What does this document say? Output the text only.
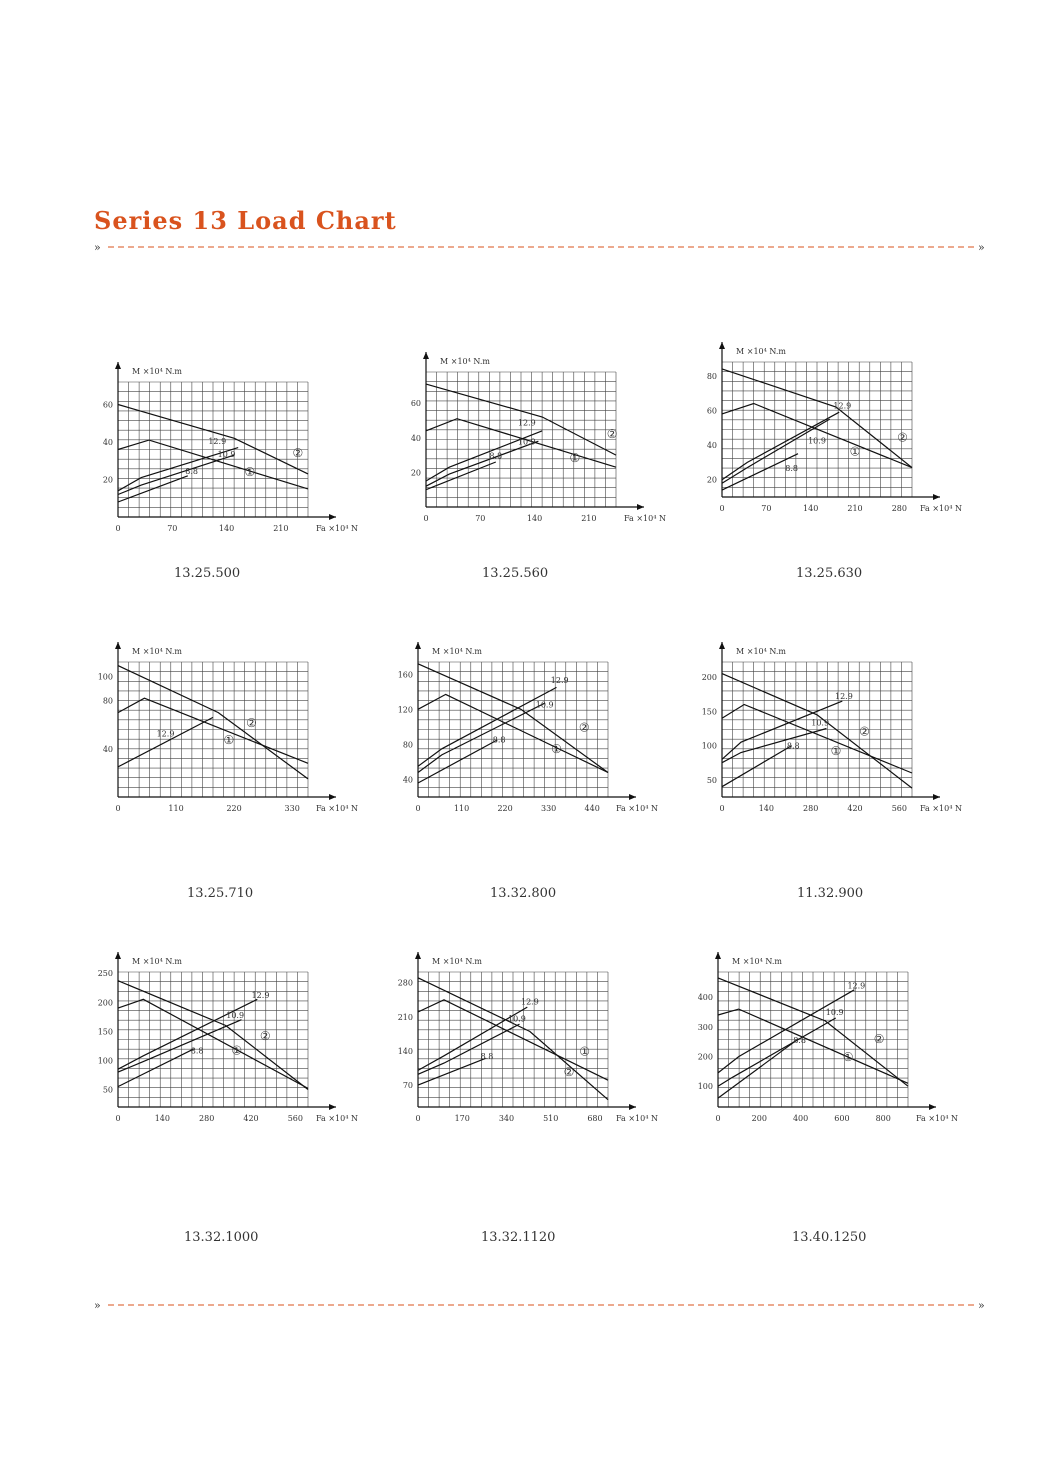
Series 13 Load Chart
»	»
0	70	140	210
20
40
60
Fa ×10⁴ N
M ×10⁴ N.m
①
②
12.9
10.9
8.8
0	70	140	210
20
40
60
Fa ×10⁴ N
M ×10⁴ N.m
①
②
12.9
10.9
8.8
0	70	140	210	280
20
40
60
80
Fa ×10⁴ N
M ×10⁴ N.m
①
②
12.9
10.9
8.8
0	110	220	330
40
80
100
Fa ×10⁴ N
M ×10⁴ N.m
①
②
12.9
0	110	220	330	440
40
80
120
160
Fa ×10⁴ N
M ×10⁴ N.m
①
②
12.9
10.9
8.8
0	140	280	420	560
50
100
150
200
Fa ×10⁴ N
M ×10⁴ N.m
①
②
12.9
10.9
8.8
0	140	280	420	560
50
100
150
200
250
Fa ×10⁴ N
M ×10⁴ N.m
①
②
12.9
10.9
8.8
0	170	340	510	680
70
140
210
280
Fa ×10⁴ N
M ×10⁴ N.m
①
②
12.9
10.9
8.8
0	200	400	600	800
100
200
300
400
Fa ×10⁴ N
M ×10⁴ N.m
①
②
12.9
10.9
8.8
13.25.500	13.25.560	13.25.630
13.25.710	13.32.800	11.32.900
13.32.1000	13.32.1120	13.40.1250
»	»
